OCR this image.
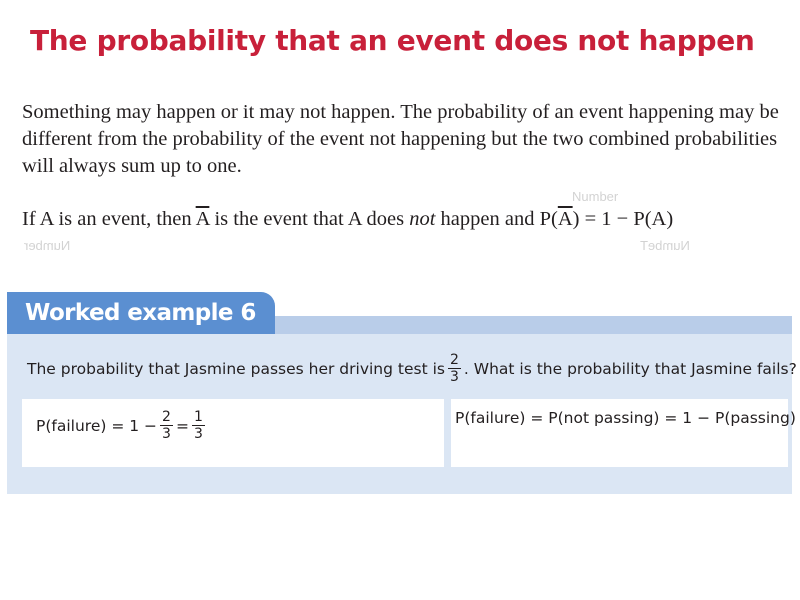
The probability that an event does not happen

Something may happen or it may not happen. The probability of an event happening may be
different from the probability of the event not happening but the two combined probabilities
will always sum up to one.

Number
Number	NumbeT

If A is an event, then $\overline{A}$ is the event that A does not happen and $P(\overline{A}) = 1 - P(A)$

Worked example 6
The probability that Jasmine passes her driving test is $\frac{2}{3}$ . What is the probability that Jasmine fails?
P(failure) = $1 - \frac{2}{3} = \frac{1}{3}$	P(failure) = P(not passing) = 1 − P(passing)
